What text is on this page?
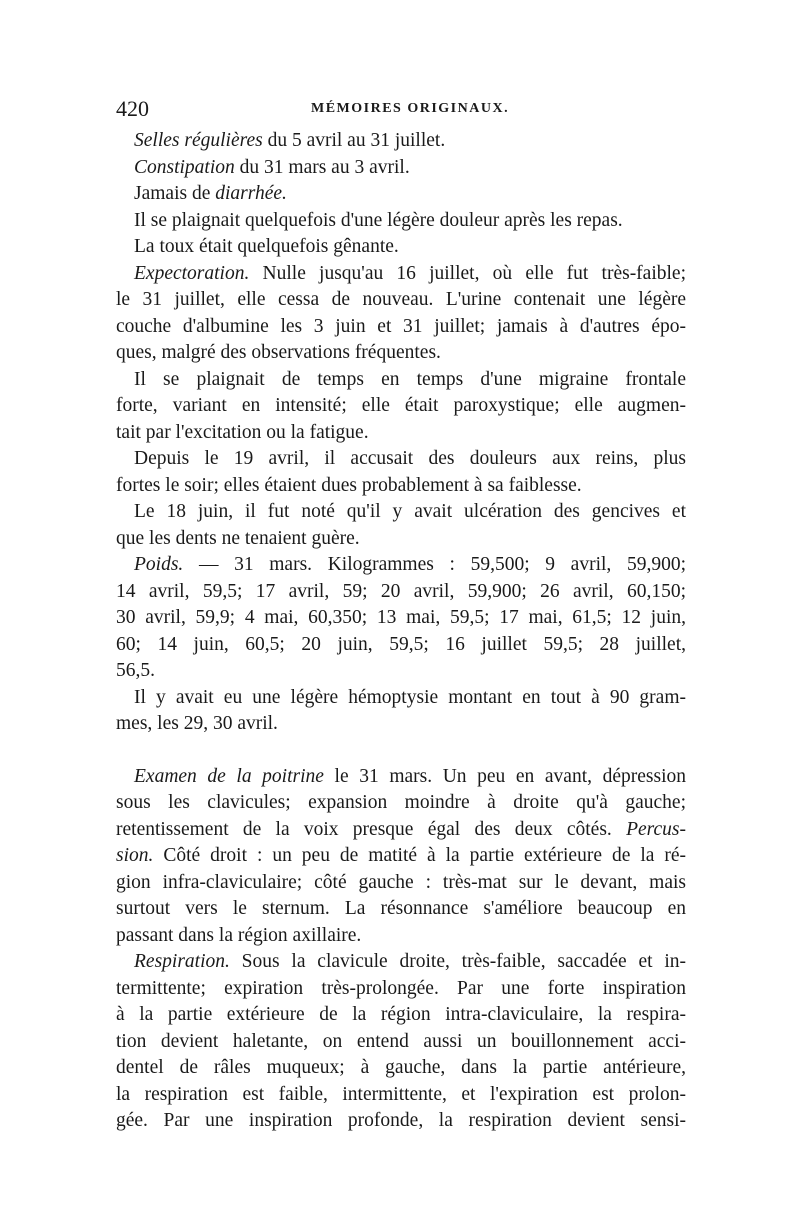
420	MÉMOIRES ORIGINAUX.
Selles régulières du 5 avril au 31 juillet.
Constipation du 31 mars au 3 avril.
Jamais de diarrhée.
Il se plaignait quelquefois d'une légère douleur après les repas.
La toux était quelquefois gênante.
Expectoration. Nulle jusqu'au 16 juillet, où elle fut très-faible;
le 31 juillet, elle cessa de nouveau. L'urine contenait une légère
couche d'albumine les 3 juin et 31 juillet; jamais à d'autres épo-
ques, malgré des observations fréquentes.
Il se plaignait de temps en temps d'une migraine frontale
forte, variant en intensité; elle était paroxystique; elle augmen-
tait par l'excitation ou la fatigue.
Depuis le 19 avril, il accusait des douleurs aux reins, plus
fortes le soir; elles étaient dues probablement à sa faiblesse.
Le 18 juin, il fut noté qu'il y avait ulcération des gencives et
que les dents ne tenaient guère.
Poids. — 31 mars. Kilogrammes : 59,500; 9 avril, 59,900;
14 avril, 59,5; 17 avril, 59; 20 avril, 59,900; 26 avril, 60,150;
30 avril, 59,9; 4 mai, 60,350; 13 mai, 59,5; 17 mai, 61,5; 12 juin,
60; 14 juin, 60,5; 20 juin, 59,5; 16 juillet 59,5; 28 juillet,
56,5.
Il y avait eu une légère hémoptysie montant en tout à 90 gram-
mes, les 29, 30 avril.
Examen de la poitrine le 31 mars. Un peu en avant, dépression
sous les clavicules; expansion moindre à droite qu'à gauche;
retentissement de la voix presque égal des deux côtés. Percus-
sion. Côté droit : un peu de matité à la partie extérieure de la ré-
gion infra-claviculaire; côté gauche : très-mat sur le devant, mais
surtout vers le sternum. La résonnance s'améliore beaucoup en
passant dans la région axillaire.
Respiration. Sous la clavicule droite, très-faible, saccadée et in-
termittente; expiration très-prolongée. Par une forte inspiration
à la partie extérieure de la région intra-claviculaire, la respira-
tion devient haletante, on entend aussi un bouillonnement acci-
dentel de râles muqueux; à gauche, dans la partie antérieure,
la respiration est faible, intermittente, et l'expiration est prolon-
gée. Par une inspiration profonde, la respiration devient sensi-
